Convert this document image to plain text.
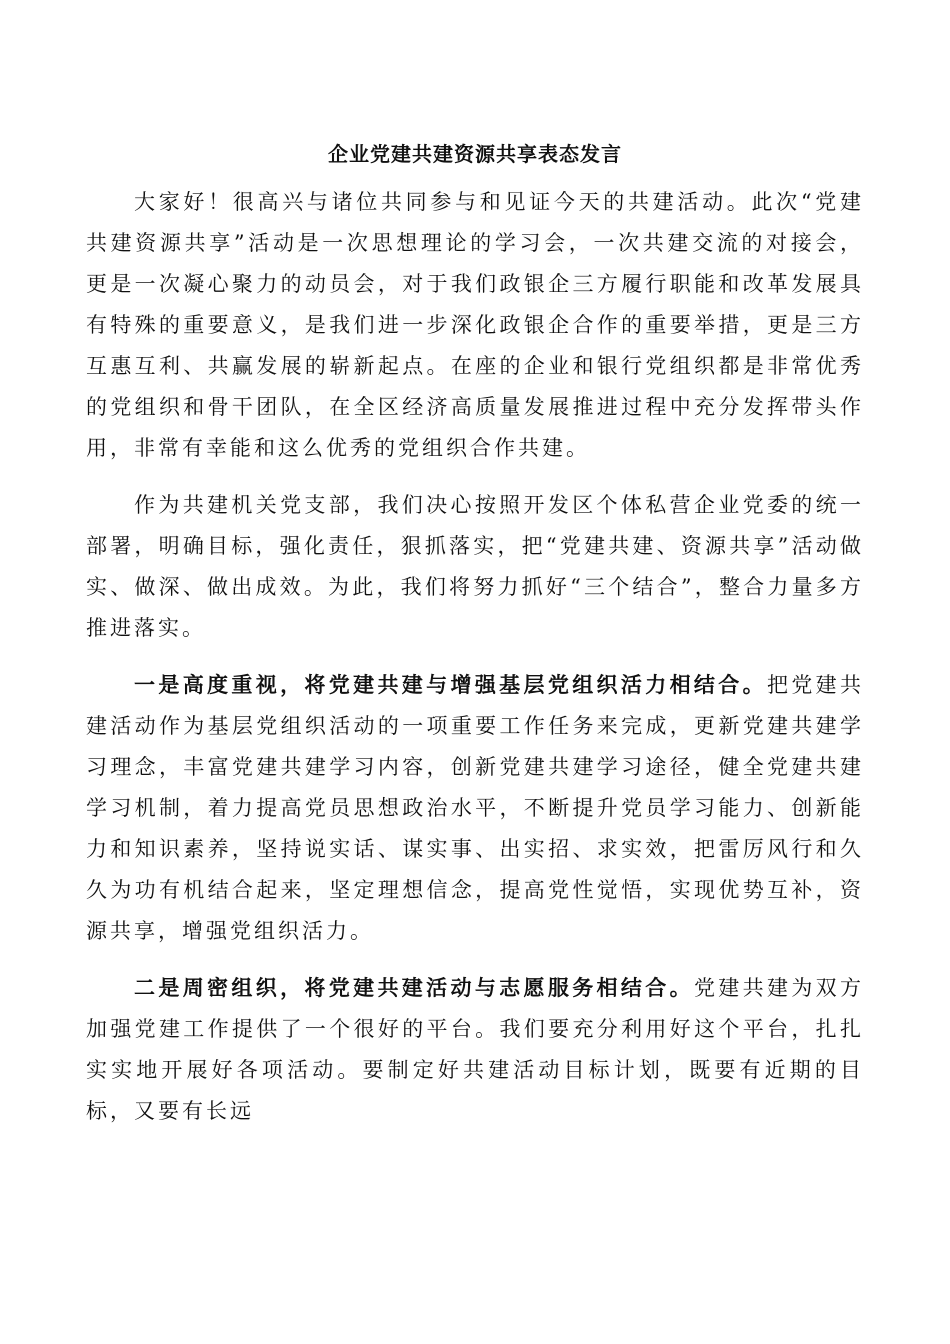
企业党建共建资源共享表态发言

大家好！很高兴与诸位共同参与和见证今天的共建活动。此次“党建共建资源共享”活动是一次思想理论的学习会，一次共建交流的对接会，更是一次凝心聚力的动员会，对于我们政银企三方履行职能和改革发展具有特殊的重要意义，是我们进一步深化政银企合作的重要举措，更是三方互惠互利、共赢发展的崭新起点。在座的企业和银行党组织都是非常优秀的党组织和骨干团队，在全区经济高质量发展推进过程中充分发挥带头作用，非常有幸能和这么优秀的党组织合作共建。

作为共建机关党支部，我们决心按照开发区个体私营企业党委的统一部署，明确目标，强化责任，狠抓落实，把“党建共建、资源共享”活动做实、做深、做出成效。为此，我们将努力抓好“三个结合”，整合力量多方推进落实。

一是高度重视，将党建共建与增强基层党组织活力相结合。把党建共建活动作为基层党组织活动的一项重要工作任务来完成，更新党建共建学习理念，丰富党建共建学习内容，创新党建共建学习途径，健全党建共建学习机制，着力提高党员思想政治水平，不断提升党员学习能力、创新能力和知识素养，坚持说实话、谋实事、出实招、求实效，把雷厉风行和久久为功有机结合起来，坚定理想信念，提高党性觉悟，实现优势互补，资源共享，增强党组织活力。

二是周密组织，将党建共建活动与志愿服务相结合。党建共建为双方加强党建工作提供了一个很好的平台。我们要充分利用好这个平台，扎扎实实地开展好各项活动。要制定好共建活动目标计划，既要有近期的目标，又要有长远
